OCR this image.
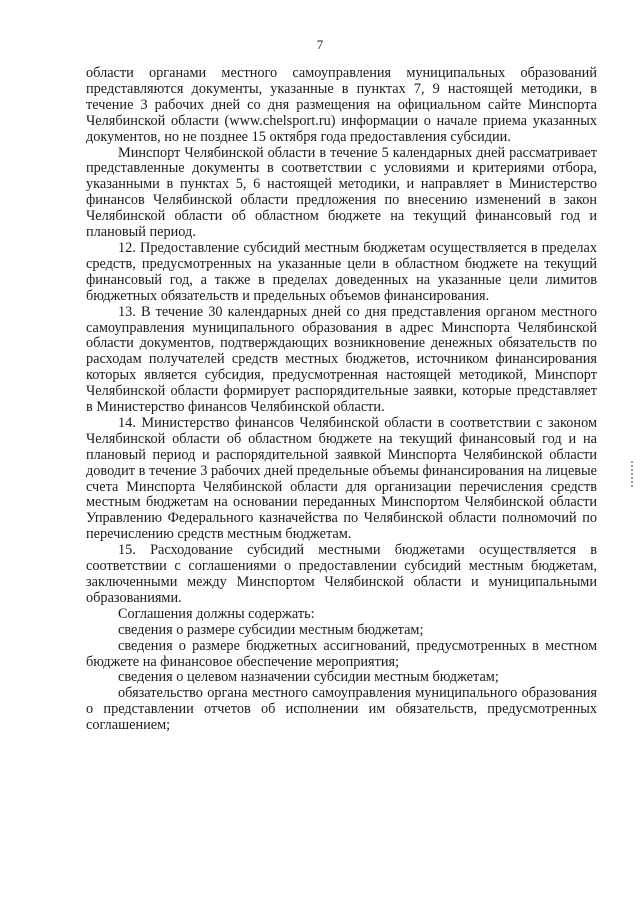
7

области органами местного самоуправления муниципальных образований представляются документы, указанные в пунктах 7, 9 настоящей методики, в течение 3 рабочих дней со дня размещения на официальном сайте Минспорта Челябинской области (www.chelsport.ru) информации о начале приема указанных документов, но не позднее 15 октября года предоставления субсидии.

Минспорт Челябинской области в течение 5 календарных дней рассматривает представленные документы в соответствии с условиями и критериями отбора, указанными в пунктах 5, 6 настоящей методики, и направляет в Министерство финансов Челябинской области предложения по внесению изменений в закон Челябинской области об областном бюджете на текущий финансовый год и плановый период.

12. Предоставление субсидий местным бюджетам осуществляется в пределах средств, предусмотренных на указанные цели в областном бюджете на текущий финансовый год, а также в пределах доведенных на указанные цели лимитов бюджетных обязательств и предельных объемов финансирования.

13. В течение 30 календарных дней со дня представления органом местного самоуправления муниципального образования в адрес Минспорта Челябинской области документов, подтверждающих возникновение денежных обязательств по расходам получателей средств местных бюджетов, источником финансирования которых является субсидия, предусмотренная настоящей методикой, Минспорт Челябинской области формирует распорядительные заявки, которые представляет в Министерство финансов Челябинской области.

14. Министерство финансов Челябинской области в соответствии с законом Челябинской области об областном бюджете на текущий финансовый год и на плановый период и распорядительной заявкой Минспорта Челябинской области доводит в течение 3 рабочих дней предельные объемы финансирования на лицевые счета Минспорта Челябинской области для организации перечисления средств местным бюджетам на основании переданных Минспортом Челябинской области Управлению Федерального казначейства по Челябинской области полномочий по перечислению средств местным бюджетам.

15. Расходование субсидий местными бюджетами осуществляется в соответствии с соглашениями о предоставлении субсидий местным бюджетам, заключенными между Минспортом Челябинской области и муниципальными образованиями.

Соглашения должны содержать:

сведения о размере субсидии местным бюджетам;

сведения о размере бюджетных ассигнований, предусмотренных в местном бюджете на финансовое обеспечение мероприятия;

сведения о целевом назначении субсидии местным бюджетам;

обязательство органа местного самоуправления муниципального образования о представлении отчетов об исполнении им обязательств, предусмотренных соглашением;
